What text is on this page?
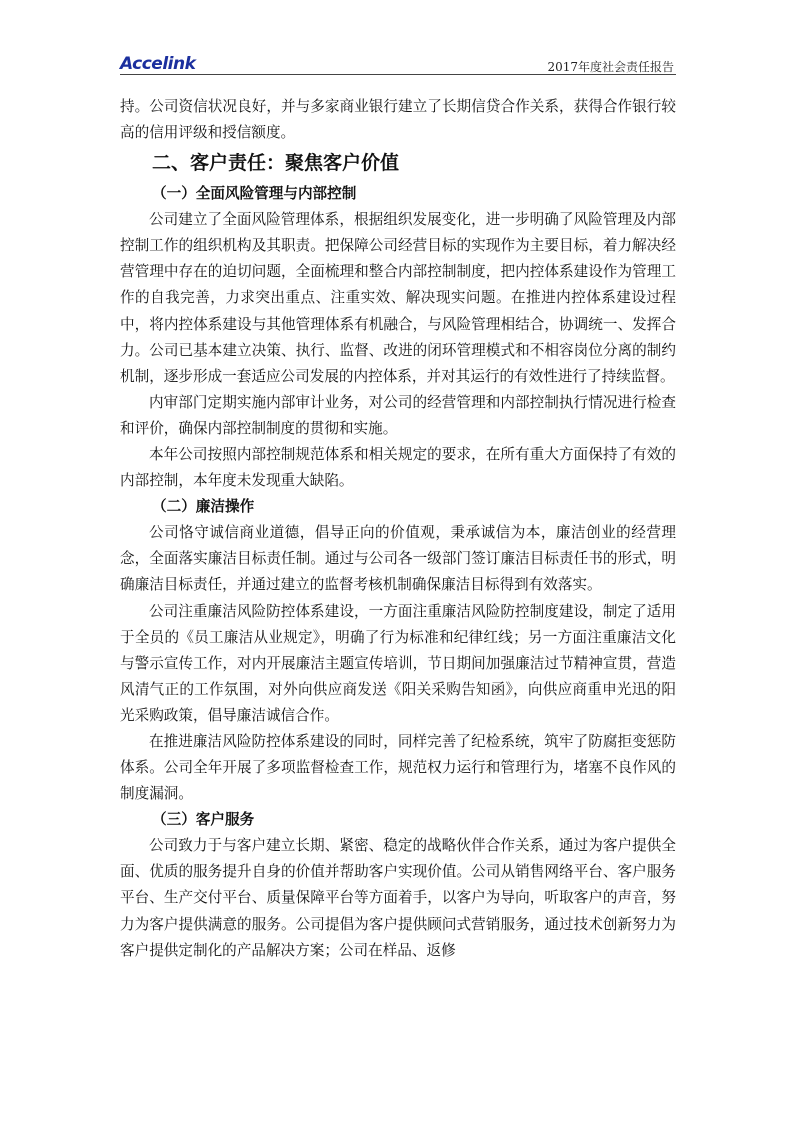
Accelink	2017年度社会责任报告

持。公司资信状况良好，并与多家商业银行建立了长期信贷合作关系，获得合作银行较高的信用评级和授信额度。

二、客户责任：聚焦客户价值
（一）全面风险管理与内部控制

公司建立了全面风险管理体系，根据组织发展变化，进一步明确了风险管理及内部控制工作的组织机构及其职责。把保障公司经营目标的实现作为主要目标，着力解决经营管理中存在的迫切问题，全面梳理和整合内部控制制度，把内控体系建设作为管理工作的自我完善，力求突出重点、注重实效、解决现实问题。在推进内控体系建设过程中，将内控体系建设与其他管理体系有机融合，与风险管理相结合，协调统一、发挥合力。公司已基本建立决策、执行、监督、改进的闭环管理模式和不相容岗位分离的制约机制，逐步形成一套适应公司发展的内控体系，并对其运行的有效性进行了持续监督。

内审部门定期实施内部审计业务，对公司的经营管理和内部控制执行情况进行检查和评价，确保内部控制制度的贯彻和实施。

本年公司按照内部控制规范体系和相关规定的要求，在所有重大方面保持了有效的内部控制，本年度未发现重大缺陷。

（二）廉洁操作

公司恪守诚信商业道德，倡导正向的价值观，秉承诚信为本，廉洁创业的经营理念，全面落实廉洁目标责任制。通过与公司各一级部门签订廉洁目标责任书的形式，明确廉洁目标责任，并通过建立的监督考核机制确保廉洁目标得到有效落实。

公司注重廉洁风险防控体系建设，一方面注重廉洁风险防控制度建设，制定了适用于全员的《员工廉洁从业规定》，明确了行为标准和纪律红线；另一方面注重廉洁文化与警示宣传工作，对内开展廉洁主题宣传培训，节日期间加强廉洁过节精神宣贯，营造风清气正的工作氛围，对外向供应商发送《阳关采购告知函》，向供应商重申光迅的阳光采购政策，倡导廉洁诚信合作。

在推进廉洁风险防控体系建设的同时，同样完善了纪检系统，筑牢了防腐拒变惩防体系。公司全年开展了多项监督检查工作，规范权力运行和管理行为，堵塞不良作风的制度漏洞。

（三）客户服务

公司致力于与客户建立长期、紧密、稳定的战略伙伴合作关系，通过为客户提供全面、优质的服务提升自身的价值并帮助客户实现价值。公司从销售网络平台、客户服务平台、生产交付平台、质量保障平台等方面着手，以客户为导向，听取客户的声音，努力为客户提供满意的服务。公司提倡为客户提供顾问式营销服务，通过技术创新努力为客户提供定制化的产品解决方案；公司在样品、返修
